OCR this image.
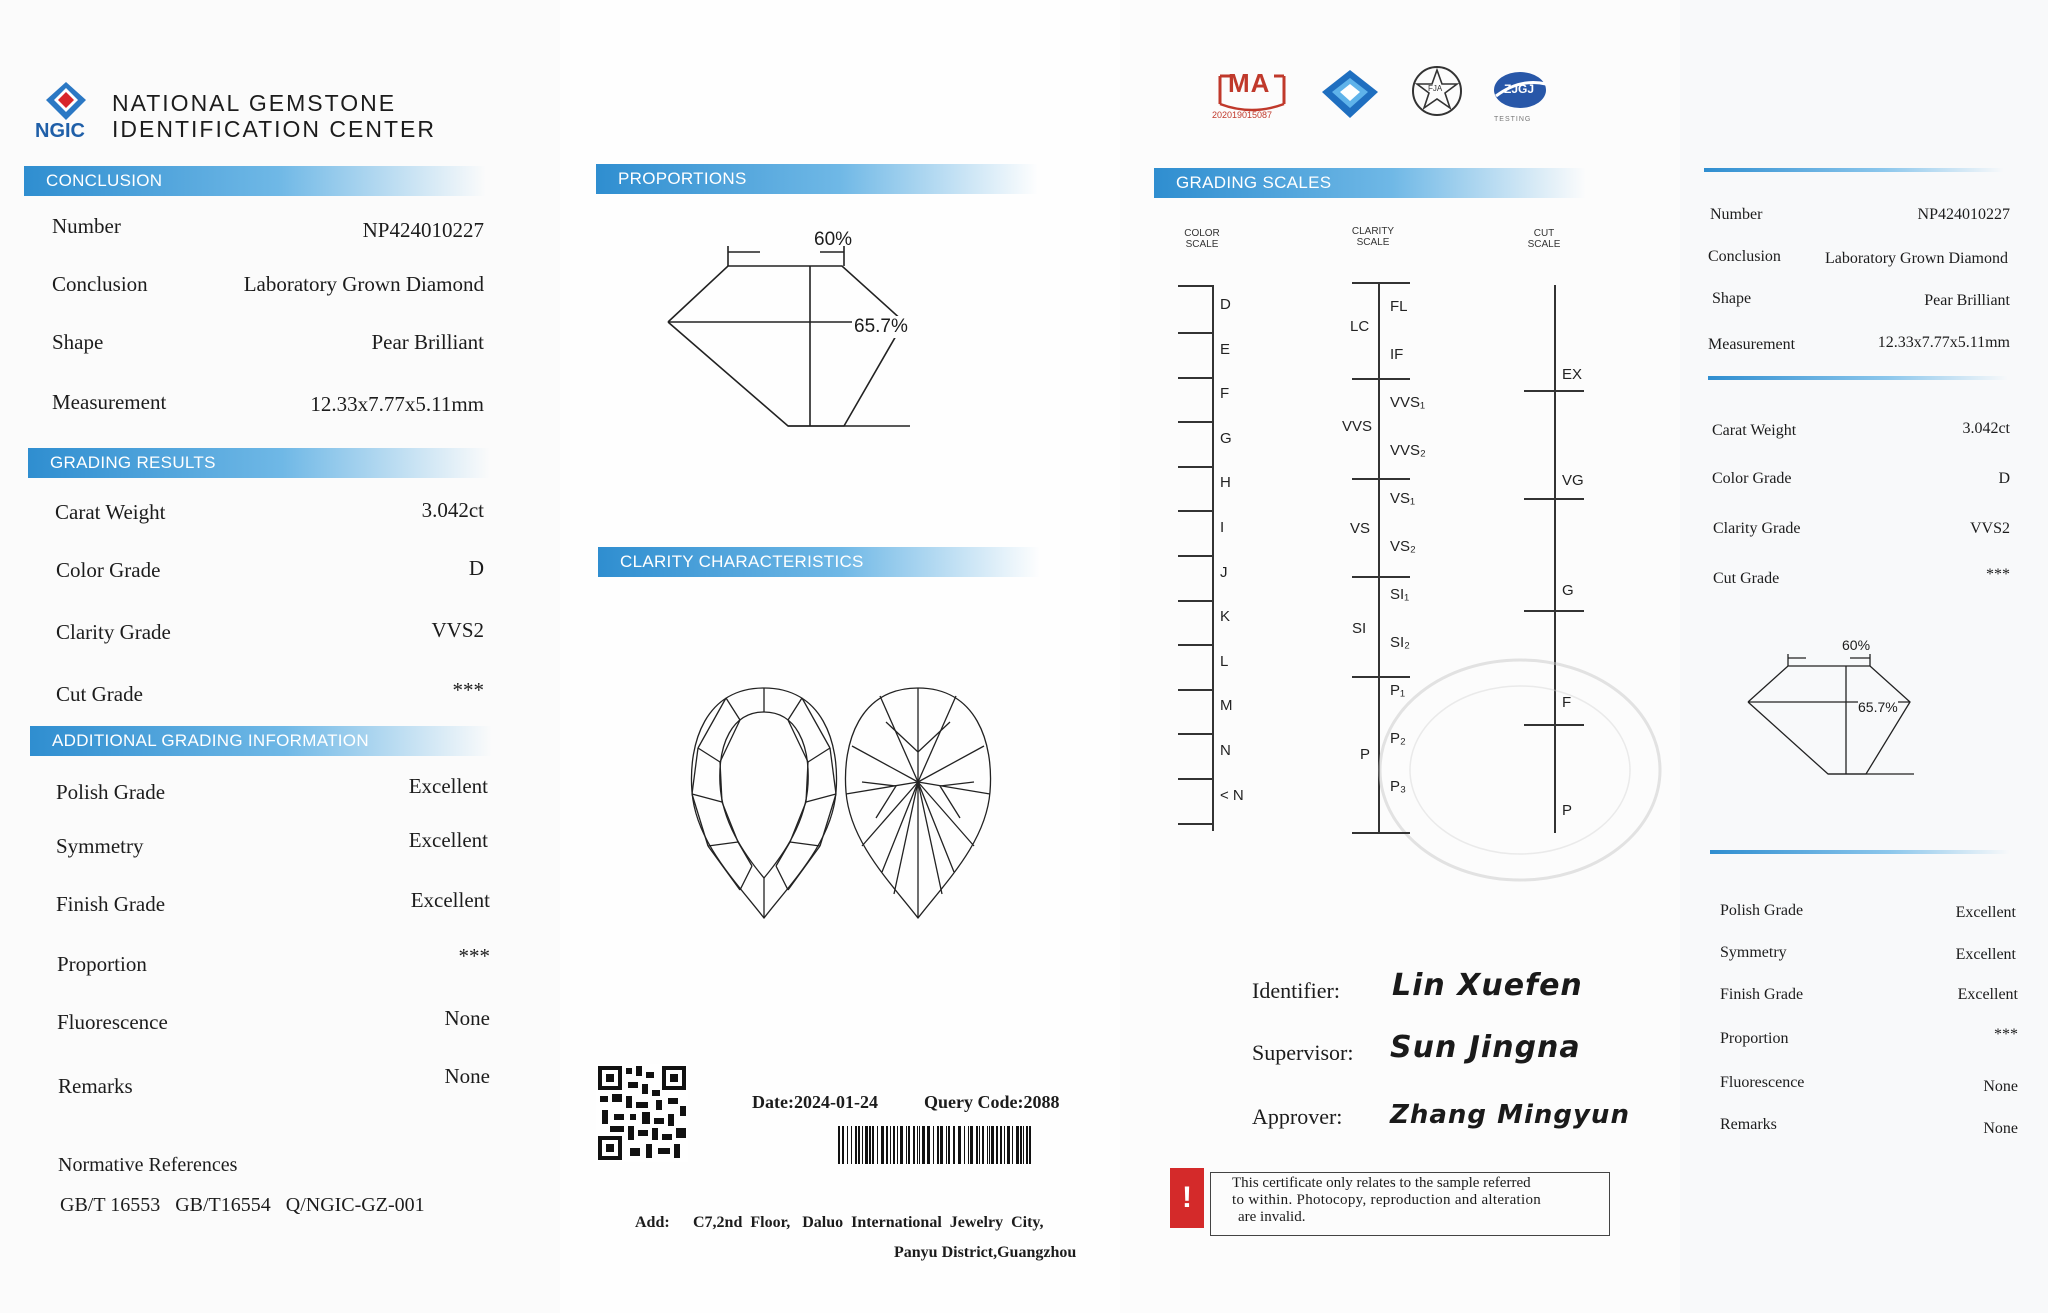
NGIC
NATIONAL GEMSTONE
IDENTIFICATION CENTER
CONCLUSION
Number	NP424010227
Conclusion	Laboratory Grown Diamond
Shape	Pear Brilliant
Measurement	12.33x7.77x5.11mm
GRADING RESULTS
Carat Weight	3.042ct
Color Grade	D
Clarity Grade	VVS2
Cut Grade	***
ADDITIONAL GRADING INFORMATION
Polish Grade	Excellent
Symmetry	Excellent
Finish Grade	Excellent
Proportion	***
Fluorescence	None
Remarks	None
Normative References
GB/T 16553   GB/T16554   Q/NGIC-GZ-001
PROPORTIONS
60%
65.7%
CLARITY CHARACTERISTICS
Date:2024-01-24	Query Code:2088
Add: C7,2nd  Floor,   Daluo  International  Jewelry  City,
Panyu District,Guangzhou
MA
202019015087
FJA	ZJGJ
TESTING
GRADING SCALES
COLOR
SCALE
CLARITY
SCALE
CUT
SCALE
LC
VVS
VS
SI
P
Identifier: Lin Xuefen
Supervisor: Sun Jingna
Approver: Zhang Mingyun
!	This certificate only relates to the sample referred
to within. Photocopy, reproduction and alteration
are invalid.
D
E
F
G
H
I
J
K
L
M
N
< N
FL
IF
VVS₁
VVS₂
VS₁
VS₂
SI₁
SI₂
P₁
P₂
P₃
EX
VG
G
F
P
Number	NP424010227
Conclusion	Laboratory Grown Diamond
Shape	Pear Brilliant
Measurement	12.33x7.77x5.11mm
Carat Weight	3.042ct
Color Grade	D
Clarity Grade	VVS2
Cut Grade	***
60%
65.7%
Polish Grade	Excellent
Symmetry	Excellent
Finish Grade	Excellent
Proportion	***
Fluorescence	None
Remarks	None
